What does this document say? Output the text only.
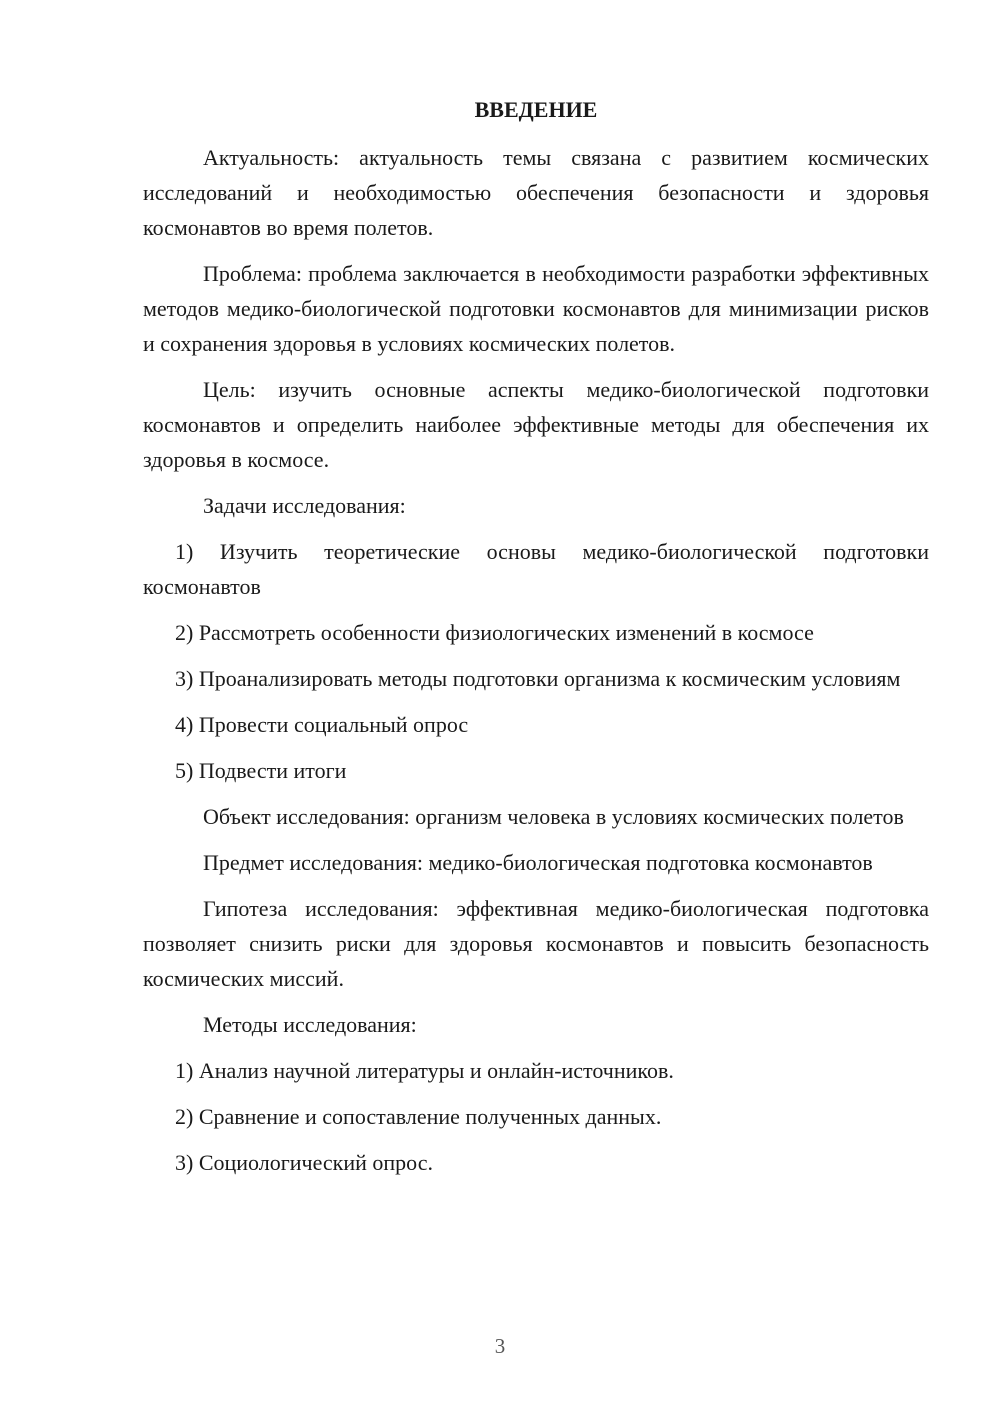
ВВЕДЕНИЕ

Актуальность: актуальность темы связана с развитием космических исследований и необходимостью обеспечения безопасности и здоровья космонавтов во время полетов.

Проблема: проблема заключается в необходимости разработки эффективных методов медико-биологической подготовки космонавтов для минимизации рисков и сохранения здоровья в условиях космических полетов.

Цель: изучить основные аспекты медико-биологической подготовки космонавтов и определить наиболее эффективные методы для обеспечения их здоровья в космосе.

Задачи исследования:

1) Изучить теоретические основы медико-биологической подготовки космонавтов

2) Рассмотреть особенности физиологических изменений в космосе

3) Проанализировать методы подготовки организма к космическим условиям

4) Провести социальный опрос

5) Подвести итоги

Объект исследования: организм человека в условиях космических полетов

Предмет исследования: медико-биологическая подготовка космонавтов

Гипотеза исследования: эффективная медико-биологическая подготовка позволяет снизить риски для здоровья космонавтов и повысить безопасность космических миссий.

Методы исследования:

1) Анализ научной литературы и онлайн-источников.

2) Сравнение и сопоставление полученных данных.

3) Социологический опрос.

3
